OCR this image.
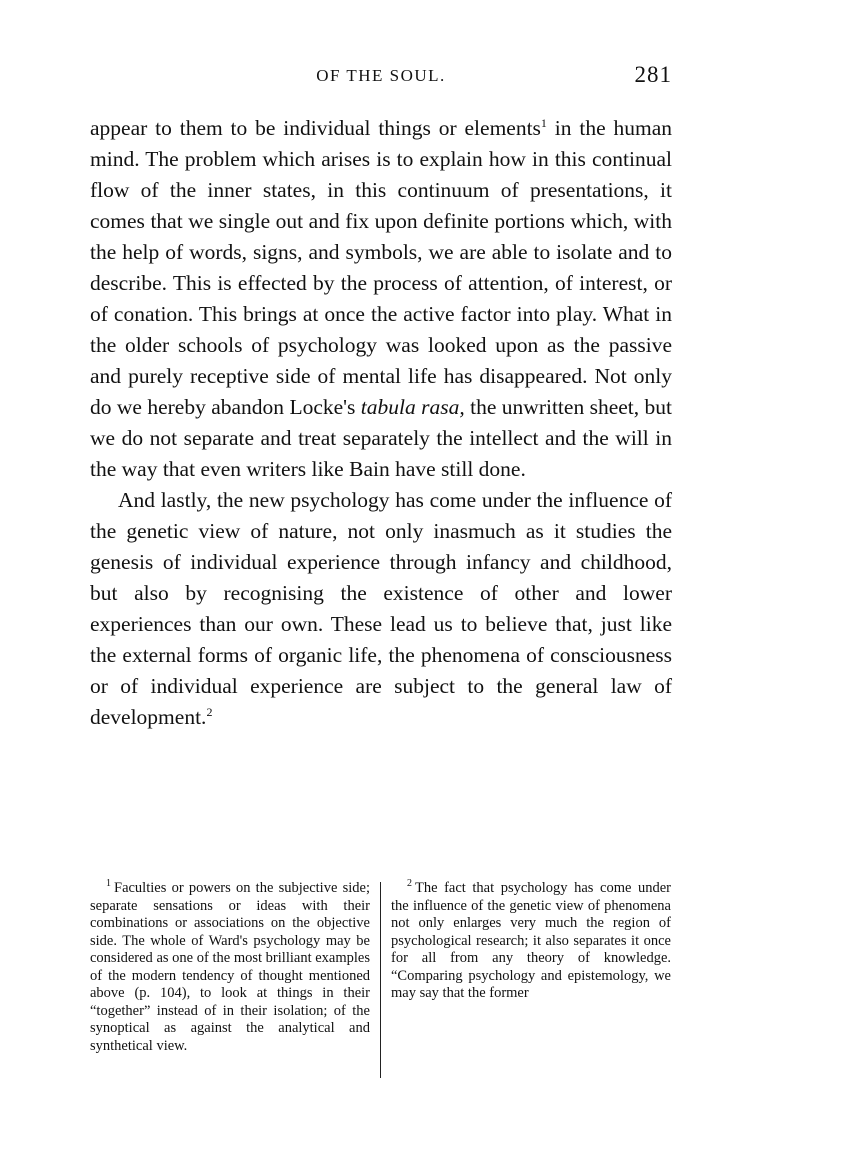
OF THE SOUL.	281

appear to them to be individual things or elements$^1$ in the human mind. The problem which arises is to explain how in this continual flow of the inner states, in this continuum of presentations, it comes that we single out and fix upon definite portions which, with the help of words, signs, and symbols, we are able to isolate and to describe. This is effected by the process of attention, of interest, or of conation. This brings at once the active factor into play. What in the older schools of psychology was looked upon as the passive and purely receptive side of mental life has disappeared. Not only do we hereby abandon Locke's tabula rasa, the unwritten sheet, but we do not separate and treat separately the intellect and the will in the way that even writers like Bain have still done.

And lastly, the new psychology has come under the influence of the genetic view of nature, not only inasmuch as it studies the genesis of individual experience through infancy and childhood, but also by recognising the existence of other and lower experiences than our own. These lead us to believe that, just like the external forms of organic life, the phenomena of consciousness or of individual experience are subject to the general law of development.$^2$

$^1$ Faculties or powers on the subjective side; separate sensations or ideas with their combinations or associations on the objective side. The whole of Ward's psychology may be considered as one of the most brilliant examples of the modern tendency of thought mentioned above (p. 104), to look at things in their “together” instead of in their isolation; of the synoptical as against the analytical and synthetical view.

$^2$ The fact that psychology has come under the influence of the genetic view of phenomena not only enlarges very much the region of psychological research; it also separates it once for all from any theory of knowledge. “Comparing psychology and epistemology, we may say that the former
